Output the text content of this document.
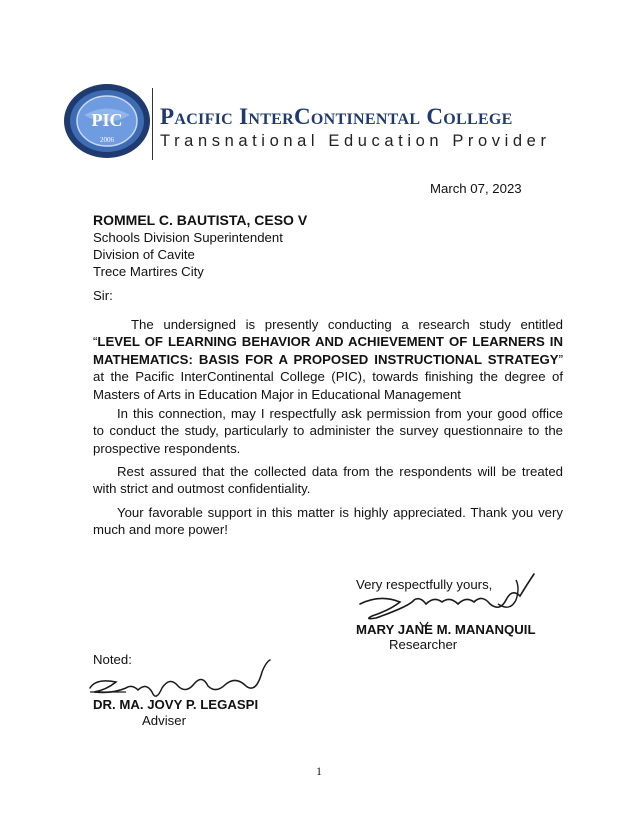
PIC
2006
Pacific InterContinental College
Transnational Education Provider
March 07, 2023
ROMMEL C. BAUTISTA, CESO V
Schools Division Superintendent
Division of Cavite
Trece Martires City
Sir:
The undersigned is presently conducting a research study entitled “LEVEL OF LEARNING BEHAVIOR AND ACHIEVEMENT OF LEARNERS IN MATHEMATICS: BASIS FOR A PROPOSED INSTRUCTIONAL STRATEGY” at the Pacific InterContinental College (PIC), towards finishing the degree of Masters of Arts in Education Major in Educational Management
In this connection, may I respectfully ask permission from your good office to conduct the study, particularly to administer the survey questionnaire to the prospective respondents.
Rest assured that the collected data from the respondents will be treated with strict and outmost confidentiality.
Your favorable support in this matter is highly appreciated. Thank you very much and more power!
Very respectfully yours,
MARY JANE M. MANANQUIL
Researcher
Noted:
DR. MA. JOVY P. LEGASPI
Adviser
1
